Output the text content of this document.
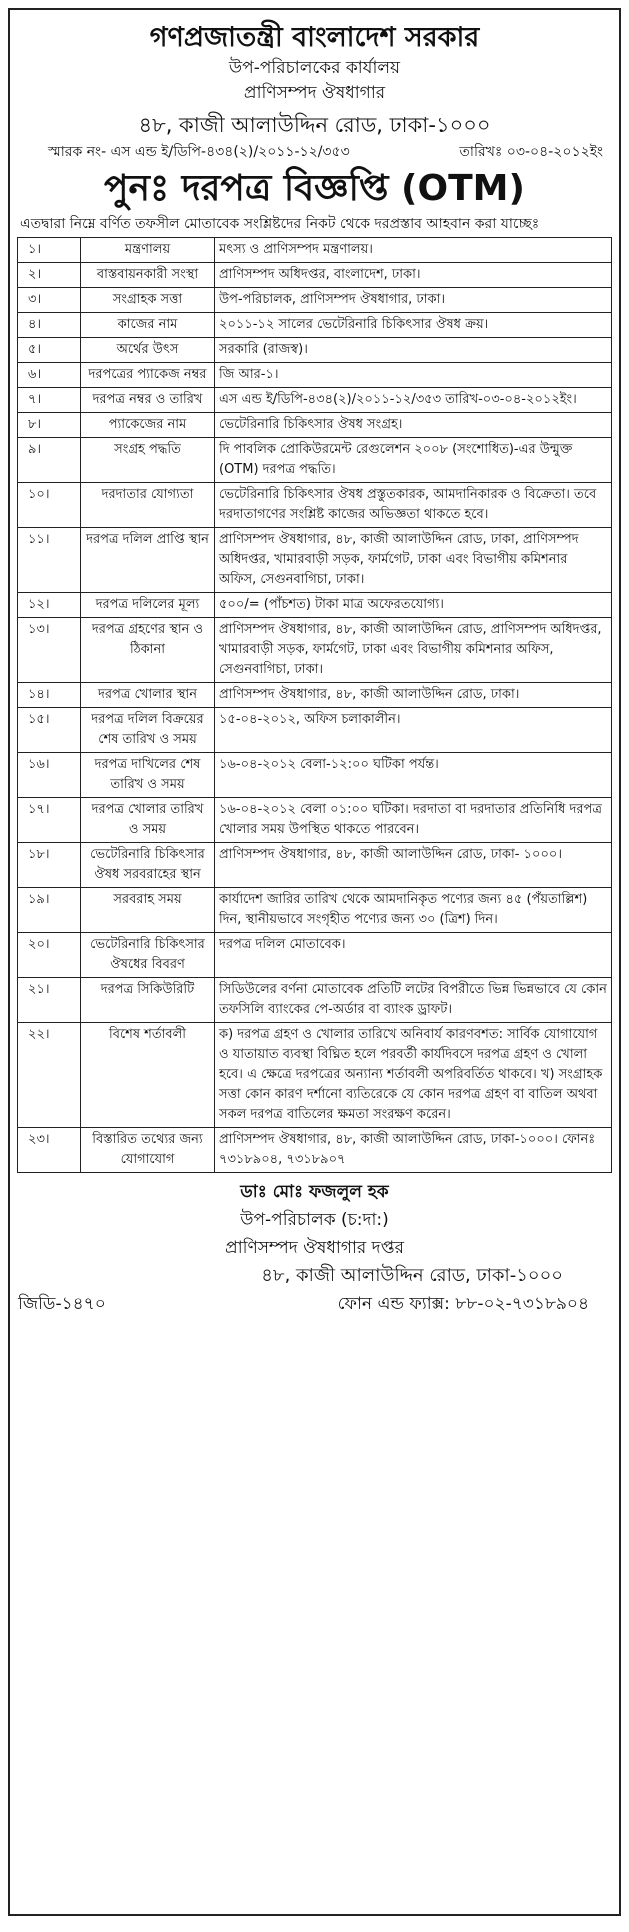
গণপ্রজাতন্ত্রী বাংলাদেশ সরকার
উপ-পরিচালকের কার্যালয়
প্রাণিসম্পদ ঔষধাগার
৪৮, কাজী আলাউদ্দিন রোড, ঢাকা-১০০০
স্মারক নং- এস এন্ড ই/ডিপি-৪৩৪(২)/২০১১-১২/৩৫৩	তারিখঃ ০৩-০৪-২০১২ইং
পুনঃ দরপত্র বিজ্ঞপ্তি (OTM)
এতদ্বারা নিম্নে বর্ণিত তফসীল মোতাবেক সংশ্লিষ্টদের নিকট থেকে দরপ্রস্তাব আহবান করা যাচ্ছেঃ
১।	মন্ত্রণালয়	মৎস্য ও প্রাণিসম্পদ মন্ত্রণালয়।
২।	বাস্তবায়নকারী সংস্থা	প্রাণিসম্পদ অধিদপ্তর, বাংলাদেশ, ঢাকা।
৩।	সংগ্রাহক সত্তা	উপ-পরিচালক, প্রাণিসম্পদ ঔষধাগার, ঢাকা।
৪।	কাজের নাম	২০১১-১২ সালের ভেটেরিনারি চিকিৎসার ঔষধ ক্রয়।
৫।	অর্থের উৎস	সরকারি (রাজস্ব)।
৬।	দরপত্রের প্যাকেজ নম্বর	জি আর-১।
৭।	দরপত্র নম্বর ও তারিখ	এস এন্ড ই/ডিপি-৪৩৪(২)/২০১১-১২/৩৫৩ তারিখ-০৩-০৪-২০১২ইং।
৮।	প্যাকেজের নাম	ভেটেরিনারি চিকিৎসার ঔষধ সংগ্রহ।
৯।	সংগ্রহ পদ্ধতি	দি পাবলিক প্রোকিউরমেন্ট রেগুলেশন ২০০৮ (সংশোধিত)-এর উন্মুক্ত (OTM) দরপত্র পদ্ধতি।
১০।	দরদাতার যোগ্যতা	ভেটেরিনারি চিকিৎসার ঔষধ প্রস্তুতকারক, আমদানিকারক ও বিক্রেতা। তবে দরদাতাগণের সংশ্লিষ্ট কাজের অভিজ্ঞতা থাকতে হবে।
১১।	দরপত্র দলিল প্রাপ্তি স্থান	প্রাণিসম্পদ ঔষধাগার, ৪৮, কাজী আলাউদ্দিন রোড, ঢাকা, প্রাণিসম্পদ অধিদপ্তর, খামারবাড়ী সড়ক, ফার্মগেট, ঢাকা এবং বিভাগীয় কমিশনার অফিস, সেগুনবাগিচা, ঢাকা।
১২।	দরপত্র দলিলের মূল্য	৫০০/= (পাঁচশত) টাকা মাত্র অফেরতযোগ্য।
১৩।	দরপত্র গ্রহণের স্থান ও ঠিকানা	প্রাণিসম্পদ ঔষধাগার, ৪৮, কাজী আলাউদ্দিন রোড, প্রাণিসম্পদ অধিদপ্তর, খামারবাড়ী সড়ক, ফার্মগেট, ঢাকা এবং বিভাগীয় কমিশনার অফিস, সেগুনবাগিচা, ঢাকা।
১৪।	দরপত্র খোলার স্থান	প্রাণিসম্পদ ঔষধাগার, ৪৮, কাজী আলাউদ্দিন রোড, ঢাকা।
১৫।	দরপত্র দলিল বিক্রয়ের শেষ তারিখ ও সময়	১৫-০৪-২০১২, অফিস চলাকালীন।
১৬।	দরপত্র দাখিলের শেষ তারিখ ও সময়	১৬-০৪-২০১২ বেলা-১২:০০ ঘটিকা পর্যন্ত।
১৭।	দরপত্র খোলার তারিখ ও সময়	১৬-০৪-২০১২ বেলা ০১:০০ ঘটিকা। দরদাতা বা দরদাতার প্রতিনিধি দরপত্র খোলার সময় উপস্থিত থাকতে পারবেন।
১৮।	ভেটেরিনারি চিকিৎসার ঔষধ সরবরাহের স্থান	প্রাণিসম্পদ ঔষধাগার, ৪৮, কাজী আলাউদ্দিন রোড, ঢাকা- ১০০০।
১৯।	সরবরাহ সময়	কার্যাদেশ জারির তারিখ থেকে আমদানিকৃত পণ্যের জন্য ৪৫ (পঁয়তাল্লিশ) দিন, স্থানীয়ভাবে সংগৃহীত পণ্যের জন্য ৩০ (ত্রিশ) দিন।
২০।	ভেটেরিনারি চিকিৎসার ঔষধের বিবরণ	দরপত্র দলিল মোতাবেক।
২১।	দরপত্র সিকিউরিটি	সিডিউলের বর্ণনা মোতাবেক প্রতিটি লটের বিপরীতে ভিন্ন ভিন্নভাবে যে কোন তফসিলি ব্যাংকের পে-অর্ডার বা ব্যাংক ড্রাফট।
২২।	বিশেষ শর্তাবলী	ক) দরপত্র গ্রহণ ও খোলার তারিখে অনিবার্য কারণবশত: সার্বিক যোগাযোগ ও যাতায়াত ব্যবস্থা বিঘ্নিত হলে পরবর্তী কার্যদিবসে দরপত্র গ্রহণ ও খোলা হবে। এ ক্ষেত্রে দরপত্রের অন্যান্য শর্তাবলী অপরিবর্তিত থাকবে। খ) সংগ্রাহক সত্তা কোন কারণ দর্শানো ব্যতিরেকে যে কোন দরপত্র গ্রহণ বা বাতিল অথবা সকল দরপত্র বাতিলের ক্ষমতা সংরক্ষণ করেন।
২৩।	বিস্তারিত তথ্যের জন্য যোগাযোগ	প্রাণিসম্পদ ঔষধাগার, ৪৮, কাজী আলাউদ্দিন রোড, ঢাকা-১০০০। ফোনঃ ৭৩১৮৯০৪, ৭৩১৮৯০৭
ডাঃ মোঃ ফজলুল হক
উপ-পরিচালক (চ:দা:)
প্রাণিসম্পদ ঔষধাগার দপ্তর
৪৮, কাজী আলাউদ্দিন রোড, ঢাকা-১০০০
জিডি-১৪৭০	ফোন এন্ড ফ্যাক্স: ৮৮-০২-৭৩১৮৯০৪
